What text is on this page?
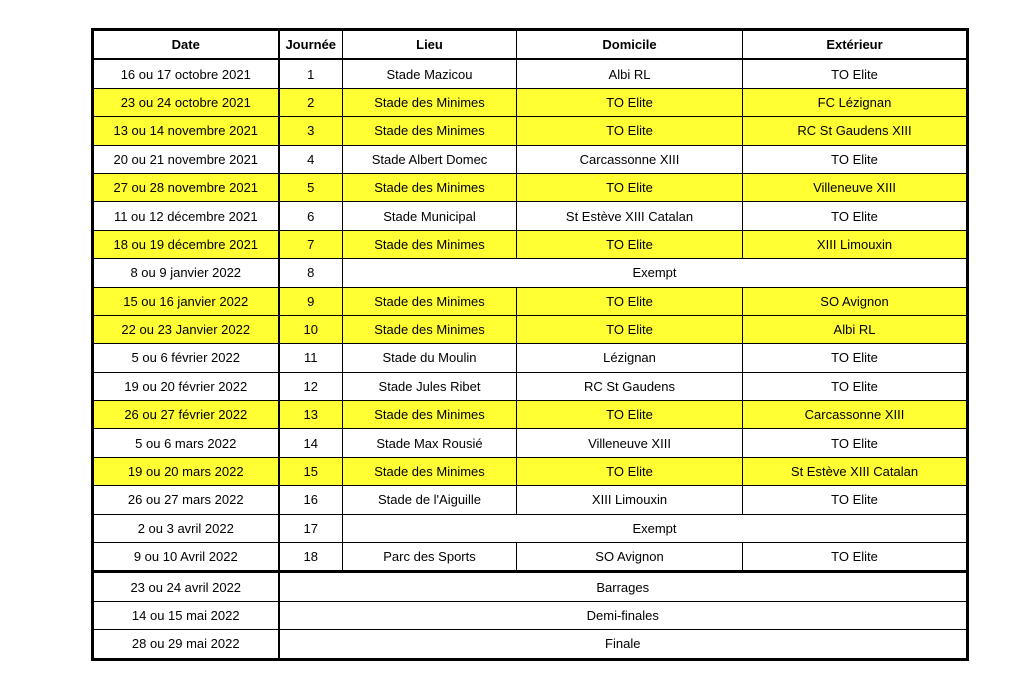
Date	Journée	Lieu	Domicile	Extérieur
16 ou 17 octobre 2021	1	Stade Mazicou	Albi RL	TO Elite
23 ou 24 octobre 2021	2	Stade des Minimes	TO Elite	FC Lézignan
13 ou 14 novembre 2021	3	Stade des Minimes	TO Elite	RC St Gaudens XIII
20 ou 21 novembre 2021	4	Stade Albert Domec	Carcassonne XIII	TO Elite
27 ou 28 novembre 2021	5	Stade des Minimes	TO Elite	Villeneuve XIII
11 ou 12 décembre 2021	6	Stade Municipal	St Estève XIII Catalan	TO Elite
18 ou 19 décembre 2021	7	Stade des Minimes	TO Elite	XIII Limouxin
8 ou 9 janvier 2022	8	Exempt		
15 ou 16 janvier 2022	9	Stade des Minimes	TO Elite	SO Avignon
22 ou 23 Janvier 2022	10	Stade des Minimes	TO Elite	Albi RL
5 ou 6 février 2022	11	Stade du Moulin	Lézignan	TO Elite
19 ou 20 février 2022	12	Stade Jules Ribet	RC St Gaudens	TO Elite
26 ou 27 février 2022	13	Stade des Minimes	TO Elite	Carcassonne XIII
5 ou 6 mars 2022	14	Stade Max Rousié	Villeneuve XIII	TO Elite
19 ou 20 mars 2022	15	Stade des Minimes	TO Elite	St Estève XIII Catalan
26 ou 27 mars 2022	16	Stade de l'Aiguille	XIII Limouxin	TO Elite
2 ou 3 avril 2022	17	Exempt		
9 ou 10 Avril 2022	18	Parc des Sports	SO Avignon	TO Elite
23 ou 24 avril 2022	Barrages			
14 ou 15 mai 2022	Demi-finales			
28 ou 29 mai 2022	Finale			
